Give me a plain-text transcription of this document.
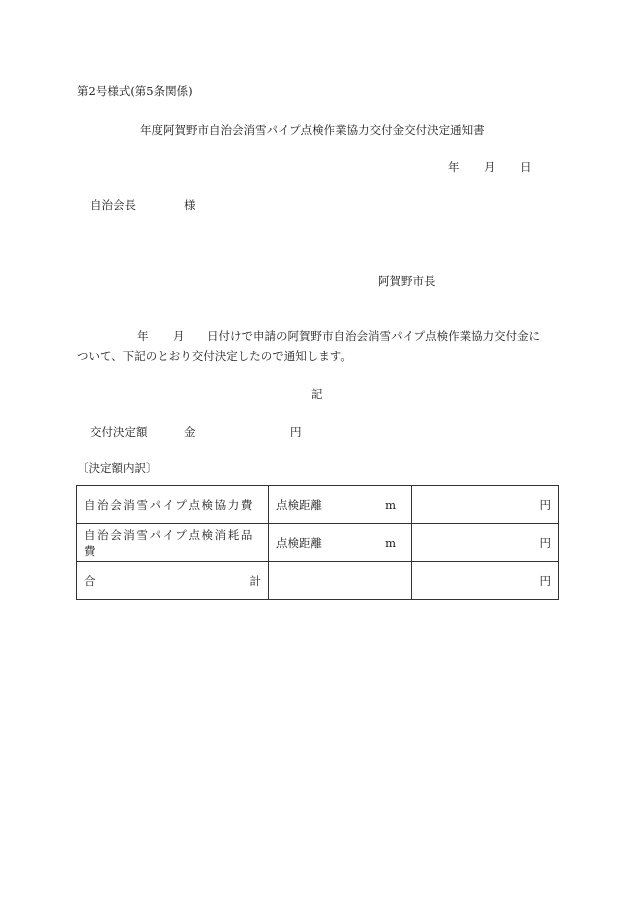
第2号様式(第5条関係)
年度阿賀野市自治会消雪パイプ点検作業協力交付金交付決定通知書
年 月 日
自治会長	様
阿賀野市長
年 月 日付けで申請の阿賀野市自治会消雪パイプ点検作業協力交付金に
ついて、下記のとおり交付決定したので通知します。
記
交付決定額	金	円
〔決定額内訳〕
自治会消雪パイプ点検協力費	点検距離 m	円
自治会消雪パイプ点検消耗品費	点検距離 m	円

合 計		円
